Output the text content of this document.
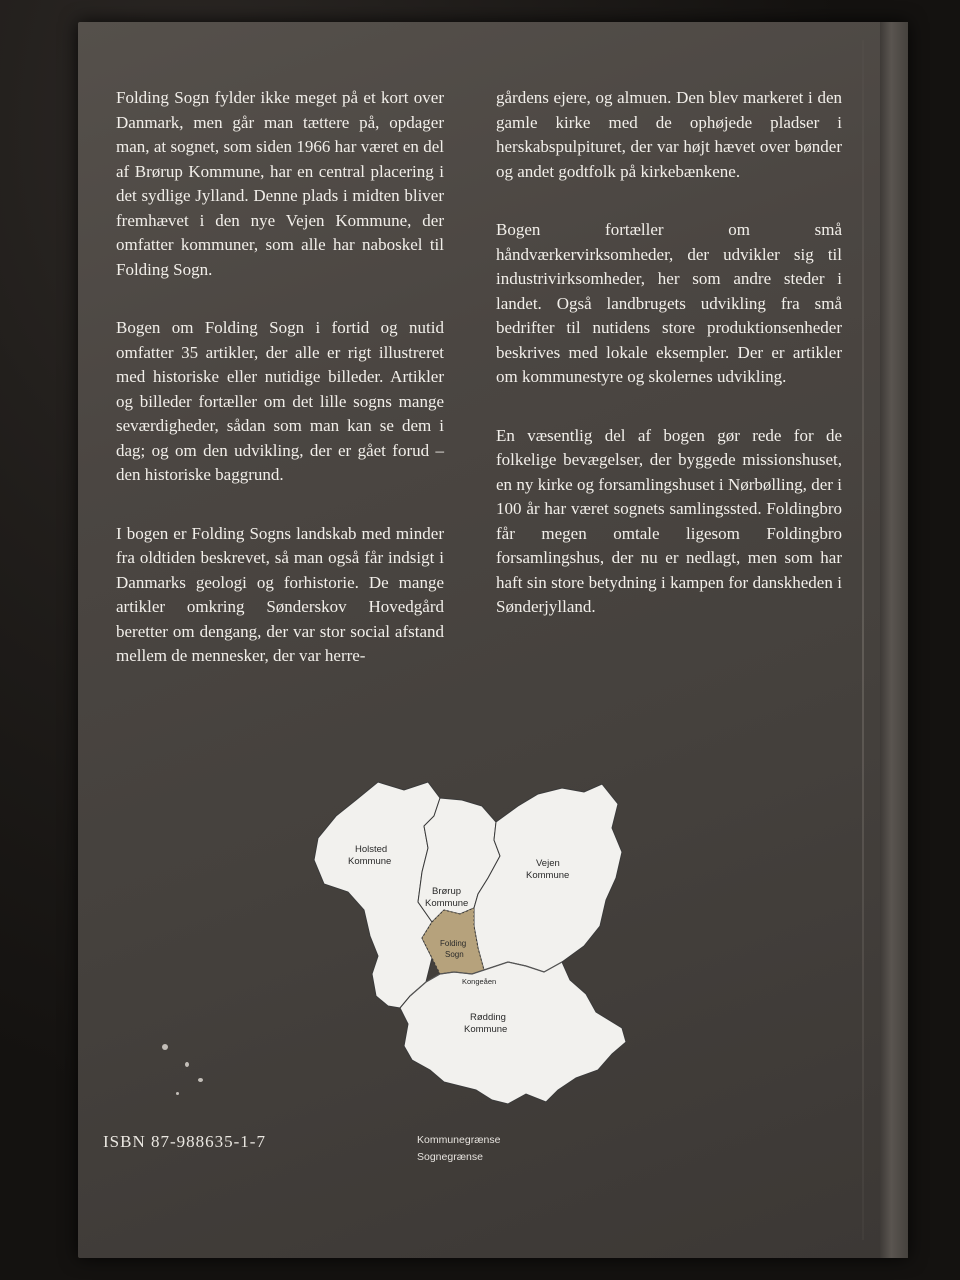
Folding Sogn fylder ikke meget på et kort over Danmark, men går man tættere på, opdager man, at sognet, som siden 1966 har været en del af Brørup Kommune, har en central placering i det sydlige Jylland. Denne plads i midten bliver fremhævet i den nye Vejen Kommune, der omfatter kommuner, som alle har naboskel til Folding Sogn.

Bogen om Folding Sogn i fortid og nutid omfatter 35 artikler, der alle er rigt illustreret med historiske eller nutidige billeder. Artikler og billeder fortæller om det lille sogns mange seværdigheder, sådan som man kan se dem i dag; og om den udvikling, der er gået forud – den historiske baggrund.

I bogen er Folding Sogns landskab med minder fra oldtiden beskrevet, så man også får indsigt i Danmarks geologi og forhistorie. De mange artikler omkring Sønderskov Hovedgård beretter om dengang, der var stor social afstand mellem de mennesker, der var herre-

gårdens ejere, og almuen. Den blev markeret i den gamle kirke med de ophøjede pladser i herskabspulpituret, der var højt hævet over bønder og andet godtfolk på kirkebænkene.

Bogen fortæller om små håndværkervirksomheder, der udvikler sig til industrivirksomheder, her som andre steder i landet. Også landbrugets udvikling fra små bedrifter til nutidens store produktionsenheder beskrives med lokale eksempler. Der er artikler om kommunestyre og skolernes udvikling.

En væsentlig del af bogen gør rede for de folkelige bevægelser, der byggede missionshuset, en ny kirke og forsamlingshuset i Nørbølling, der i 100 år har været sognets samlingssted. Foldingbro får megen omtale ligesom Foldingbro forsamlingshus, der nu er nedlagt, men som har haft sin store betydning i kampen for danskheden i Sønderjylland.

Holsted
Kommune
Brørup
Kommune
Vejen
Kommune
Folding
Sogn
Kongeåen
Rødding
Kommune
ISBN 87-988635-1-7	Kommunegrænse
Sognegrænse
